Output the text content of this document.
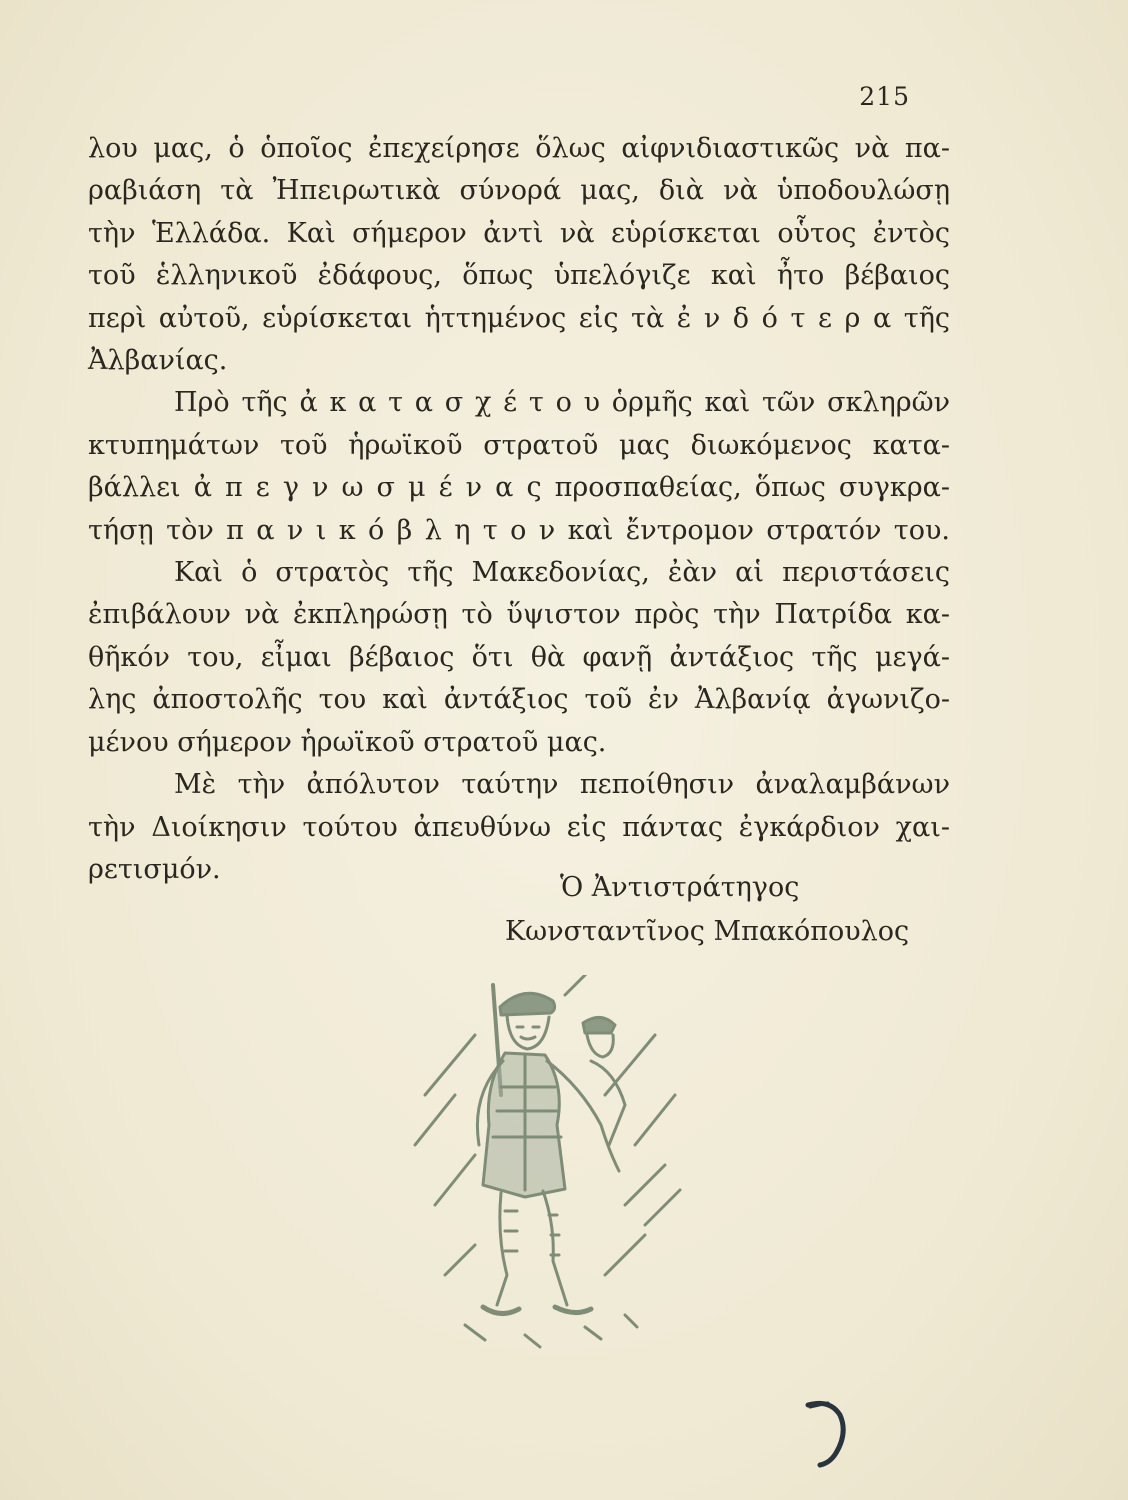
215
λου μας, ὁ ὁποῖος ἐπεχείρησε ὅλως αἰφνιδιαστικῶς νὰ πα-
ραβιάση τὰ Ἠπειρωτικὰ σύνορά μας, διὰ νὰ ὑποδουλώσῃ
τὴν Ἑλλάδα. Καὶ σήμερον ἀντὶ νὰ εὑρίσκεται οὗτος ἐντὸς
τοῦ ἑλληνικοῦ ἐδάφους, ὅπως ὑπελόγιζε καὶ ἦτο βέβαιος
περὶ αὐτοῦ, εὑρίσκεται ἡττημένος εἰς τὰ ἐ ν δ ό τ ε ρ α τῆς
Ἀλβανίας.
Πρὸ τῆς ἀ κ α τ α σ χ έ τ ο υ ὁρμῆς καὶ τῶν σκληρῶν
κτυπημάτων τοῦ ἡρωϊκοῦ στρατοῦ μας διωκόμενος κατα-
βάλλει ἀ π ε γ ν ω σ μ έ ν α ς προσπαθείας, ὅπως συγκρα-
τήσῃ τὸν π α ν ι κ ό β λ η τ ο ν καὶ ἔντρομον στρατόν του.
Καὶ ὁ στρατὸς τῆς Μακεδονίας, ἐὰν αἱ περιστάσεις
ἐπιβάλουν νὰ ἐκπληρώσῃ τὸ ὕψιστον πρὸς τὴν Πατρίδα κα-
θῆκόν του, εἶμαι βέβαιος ὅτι θὰ φανῇ ἀντάξιος τῆς μεγά-
λης ἀποστολῆς του καὶ ἀντάξιος τοῦ ἐν Ἀλβανίᾳ ἀγωνιζο-
μένου σήμερον ἡρωϊκοῦ στρατοῦ μας.
Μὲ τὴν ἀπόλυτον ταύτην πεποίθησιν ἀναλαμβάνων
τὴν Διοίκησιν τούτου ἀπευθύνω εἰς πάντας ἐγκάρδιον χαι-
ρετισμόν.
Ὁ Ἀντιστράτηγος
Κωνσταντῖνος Μπακόπουλος
